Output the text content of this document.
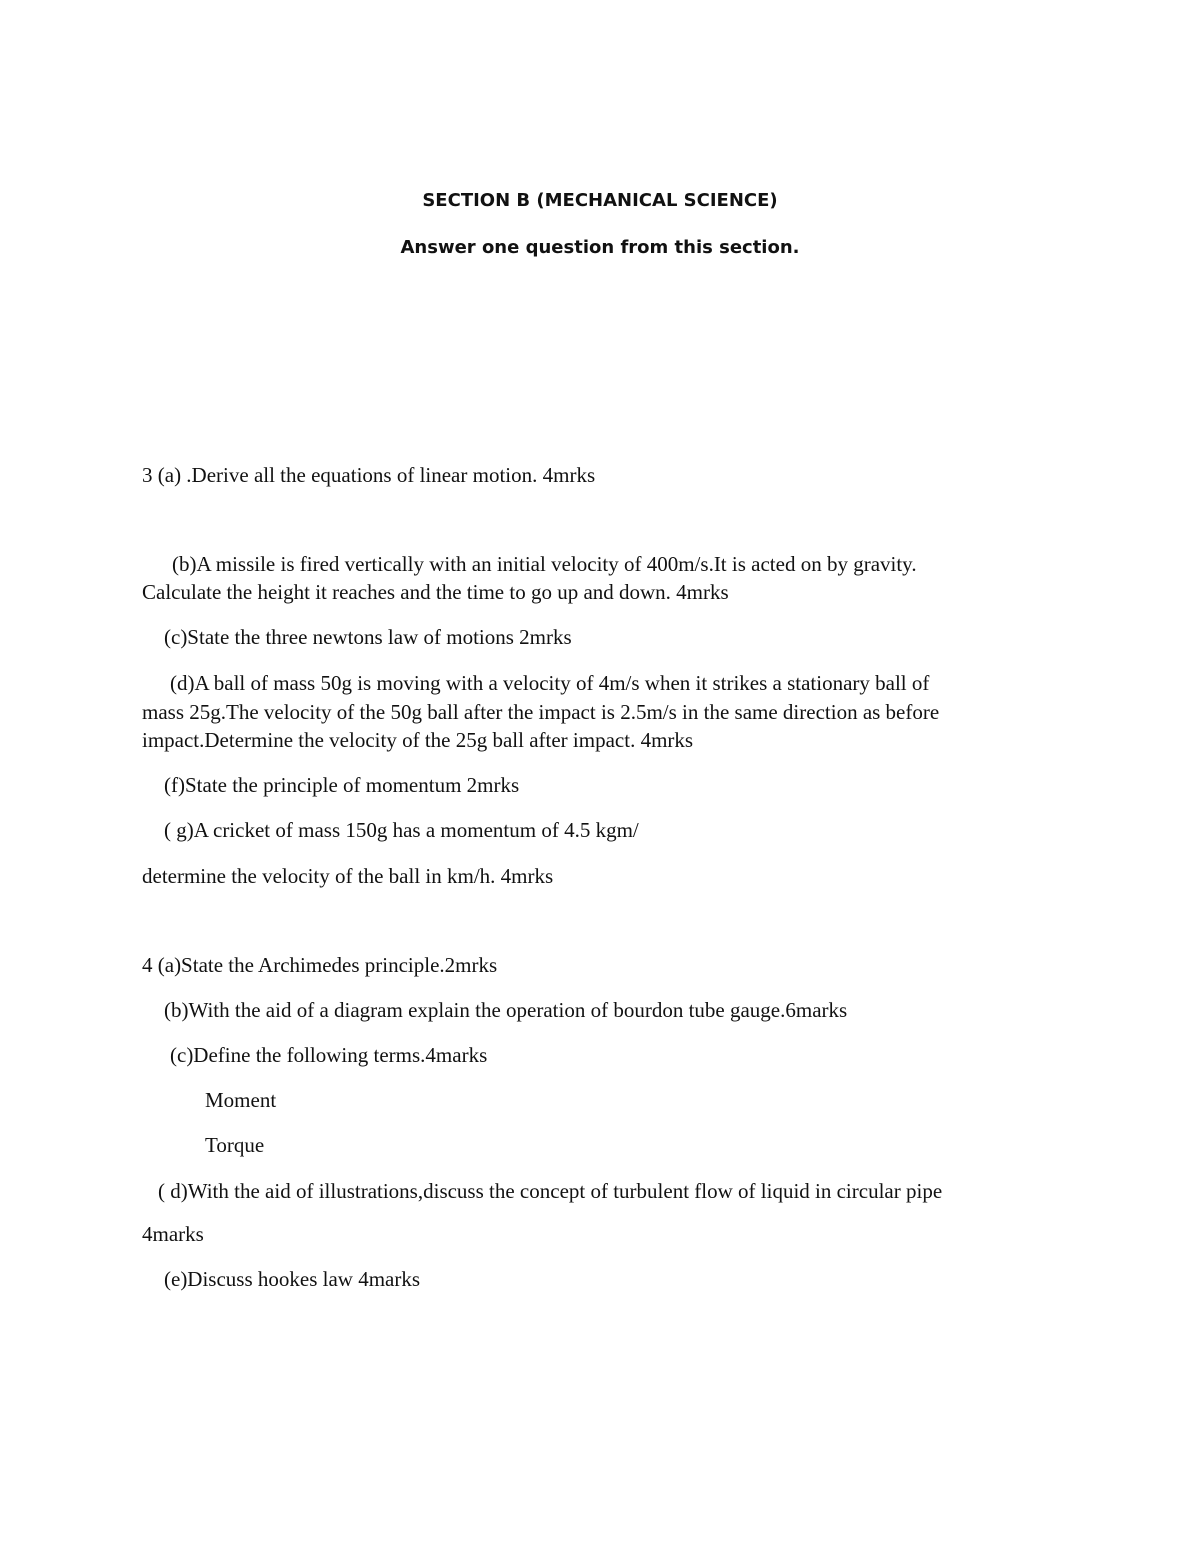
SECTION B (MECHANICAL SCIENCE)
Answer one question from this section.
3 (a) .Derive all the equations of linear motion. 4mrks
(b)A missile is fired vertically with an initial velocity of 400m/s.It is acted on by gravity.
Calculate the height it reaches and the time to go up and down. 4mrks
(c)State the three newtons law of motions 2mrks
(d)A ball of mass 50g is moving with a velocity of 4m/s when it strikes a stationary ball of
mass 25g.The velocity of the 50g ball after the impact is 2.5m/s in the same direction as before
impact.Determine the velocity of the 25g ball after impact. 4mrks
(f)State the principle of momentum 2mrks
( g)A cricket of mass 150g has a momentum of 4.5 kgm/
determine the velocity of the ball in km/h. 4mrks
4 (a)State the Archimedes principle.2mrks
(b)With the aid of a diagram explain the operation of bourdon tube gauge.6marks
(c)Define the following terms.4marks
Moment
Torque
( d)With the aid of illustrations,discuss the concept of turbulent flow of liquid in circular pipe
4marks
(e)Discuss hookes law 4marks
